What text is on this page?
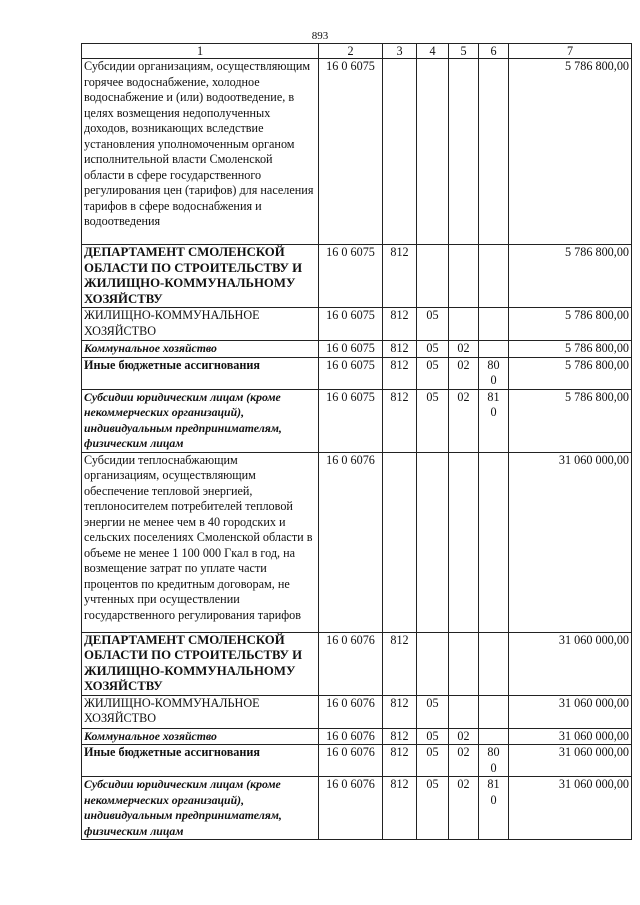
893
1	2	3	4	5	6	7
Субсидии организациям, осуществляющим горячее водоснабжение, холодное водоснабжение и (или) водоотведение, в целях возмещения недополученных доходов, возникающих вследствие установления уполномоченным органом исполнительной власти Смоленской области в сфере государственного регулирования цен (тарифов) для населения тарифов в сфере водоснабжения и водоотведения	16 0 6075					5 786 800,00
ДЕПАРТАМЕНТ СМОЛЕНСКОЙ ОБЛАСТИ ПО СТРОИТЕЛЬСТВУ И ЖИЛИЩНО-КОММУНАЛЬНОМУ ХОЗЯЙСТВУ	16 0 6075	812				5 786 800,00
ЖИЛИЩНО-КОММУНАЛЬНОЕ ХОЗЯЙСТВО	16 0 6075	812	05			5 786 800,00
Коммунальное хозяйство	16 0 6075	812	05	02		5 786 800,00
Иные бюджетные ассигнования	16 0 6075	812	05	02	800	5 786 800,00
Субсидии юридическим лицам (кроме некоммерческих организаций), индивидуальным предпринимателям, физическим лицам	16 0 6075	812	05	02	810	5 786 800,00
Субсидии теплоснабжающим организациям, осуществляющим обеспечение тепловой энергией, теплоносителем потребителей тепловой энергии не менее чем в 40 городских и сельских поселениях Смоленской области в объеме не менее 1 100 000 Гкал в год, на возмещение затрат по уплате части процентов по кредитным договорам, не учтенных при осуществлении государственного регулирования тарифов	16 0 6076					31 060 000,00
ДЕПАРТАМЕНТ СМОЛЕНСКОЙ ОБЛАСТИ ПО СТРОИТЕЛЬСТВУ И ЖИЛИЩНО-КОММУНАЛЬНОМУ ХОЗЯЙСТВУ	16 0 6076	812				31 060 000,00
ЖИЛИЩНО-КОММУНАЛЬНОЕ ХОЗЯЙСТВО	16 0 6076	812	05			31 060 000,00
Коммунальное хозяйство	16 0 6076	812	05	02		31 060 000,00
Иные бюджетные ассигнования	16 0 6076	812	05	02	800	31 060 000,00
Субсидии юридическим лицам (кроме некоммерческих организаций), индивидуальным предпринимателям, физическим лицам	16 0 6076	812	05	02	810	31 060 000,00
